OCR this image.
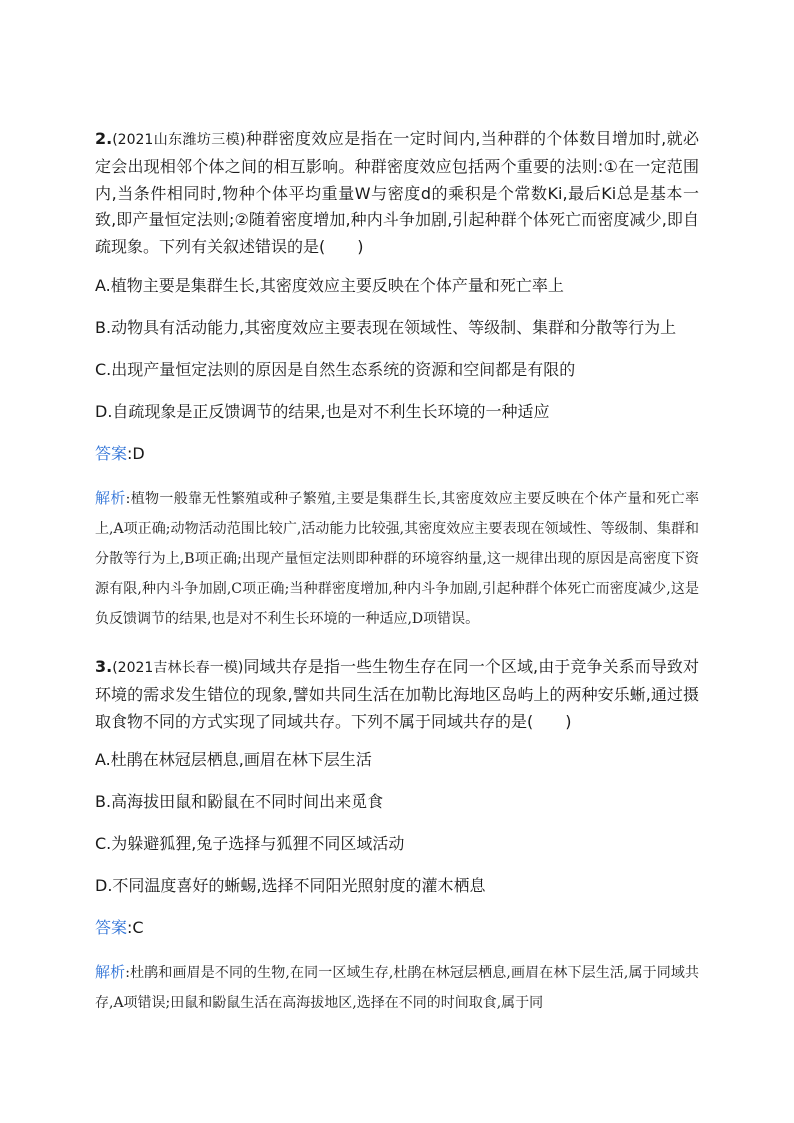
2.(2021山东潍坊三模)种群密度效应是指在一定时间内,当种群的个体数目增加时,就必定会出现相邻个体之间的相互影响。种群密度效应包括两个重要的法则:①在一定范围内,当条件相同时,物种个体平均重量W与密度d的乘积是个常数Ki,最后Ki总是基本一致,即产量恒定法则;②随着密度增加,种内斗争加剧,引起种群个体死亡而密度减少,即自疏现象。下列有关叙述错误的是(　　)

A.植物主要是集群生长,其密度效应主要反映在个体产量和死亡率上
B.动物具有活动能力,其密度效应主要表现在领域性、等级制、集群和分散等行为上
C.出现产量恒定法则的原因是自然生态系统的资源和空间都是有限的
D.自疏现象是正反馈调节的结果,也是对不利生长环境的一种适应
答案:D

解析:植物一般靠无性繁殖或种子繁殖,主要是集群生长,其密度效应主要反映在个体产量和死亡率上,A项正确;动物活动范围比较广,活动能力比较强,其密度效应主要表现在领域性、等级制、集群和分散等行为上,B项正确;出现产量恒定法则即种群的环境容纳量,这一规律出现的原因是高密度下资源有限,种内斗争加剧,C项正确;当种群密度增加,种内斗争加剧,引起种群个体死亡而密度减少,这是负反馈调节的结果,也是对不利生长环境的一种适应,D项错误。

3.(2021吉林长春一模)同域共存是指一些生物生存在同一个区域,由于竞争关系而导致对环境的需求发生错位的现象,譬如共同生活在加勒比海地区岛屿上的两种安乐蜥,通过摄取食物不同的方式实现了同域共存。下列不属于同域共存的是(　　)

A.杜鹃在林冠层栖息,画眉在林下层生活
B.高海拔田鼠和鼢鼠在不同时间出来觅食
C.为躲避狐狸,兔子选择与狐狸不同区域活动
D.不同温度喜好的蜥蜴,选择不同阳光照射度的灌木栖息
答案:C

解析:杜鹃和画眉是不同的生物,在同一区域生存,杜鹃在林冠层栖息,画眉在林下层生活,属于同域共存,A项错误;田鼠和鼢鼠生活在高海拔地区,选择在不同的时间取食,属于同
